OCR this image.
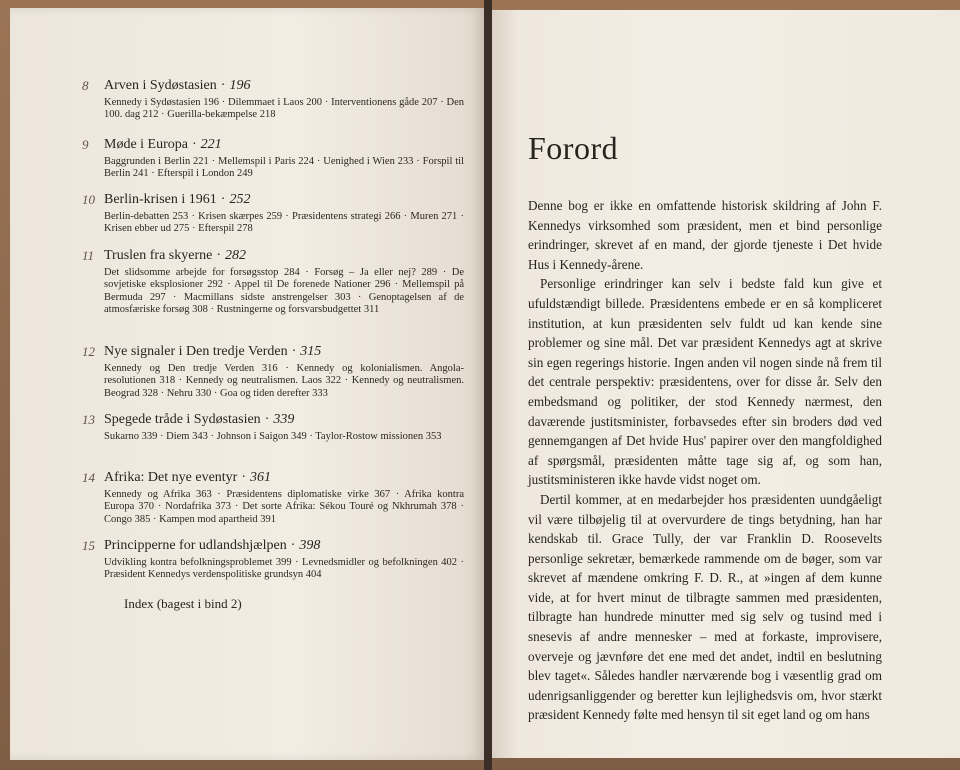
8 Arven i Sydøstasien · 196
Kennedy i Sydøstasien 196 · Dilemmaet i Laos 200 · Interventionens gåde 207 · Den 100. dag 212 · Guerilla-bekæmpelse 218
9 Møde i Europa · 221
Baggrunden i Berlin 221 · Mellemspil i Paris 224 · Uenighed i Wien 233 · Forspil til Berlin 241 · Efterspil i London 249
10 Berlin-krisen i 1961 · 252
Berlin-debatten 253 · Krisen skærpes 259 · Præsidentens strategi 266 · Muren 271 · Krisen ebber ud 275 · Efterspil 278
11 Truslen fra skyerne · 282
Det slidsomme arbejde for forsøgsstop 284 · Forsøg – Ja eller nej? 289 · De sovjetiske eksplosioner 292 · Appel til De forenede Nationer 296 · Mellemspil på Bermuda 297 · Macmillans sidste anstrengelser 303 · Genoptagelsen af de atmosfæriske forsøg 308 · Rustningerne og forsvarsbudgettet 311
12 Nye signaler i Den tredje Verden · 315
Kennedy og Den tredje Verden 316 · Kennedy og kolonialismen. Angola-resolutionen 318 · Kennedy og neutralismen. Laos 322 · Kennedy og neutralismen. Beograd 328 · Nehru 330 · Goa og tiden derefter 333
13 Spegede tråde i Sydøstasien · 339
Sukarno 339 · Diem 343 · Johnson i Saigon 349 · Taylor-Rostow missionen 353
14 Afrika: Det nye eventyr · 361
Kennedy og Afrika 363 · Præsidentens diplomatiske virke 367 · Afrika kontra Europa 370 · Nordafrika 373 · Det sorte Afrika: Sékou Touré og Nkhrumah 378 · Congo 385 · Kampen mod apartheid 391
15 Principperne for udlandshjælpen · 398
Udvikling kontra befolkningsproblemet 399 · Levnedsmidler og befolkningen 402 · Præsident Kennedys verdenspolitiske grundsyn 404
Index (bagest i bind 2)
Forord

Denne bog er ikke en omfattende historisk skildring af John F. Kennedys virksomhed som præsident, men et bind personlige erindringer, skrevet af en mand, der gjorde tjeneste i Det hvide Hus i Kennedy-årene.

Personlige erindringer kan selv i bedste fald kun give et ufuldstændigt billede. Præsidentens embede er en så kompliceret institution, at kun præsidenten selv fuldt ud kan kende sine problemer og sine mål. Det var præsident Kennedys agt at skrive sin egen regerings historie. Ingen anden vil nogen sinde nå frem til det centrale perspektiv: præsidentens, over for disse år. Selv den embedsmand og politiker, der stod Kennedy nærmest, den daværende justitsminister, forbavsedes efter sin broders død ved gennemgangen af Det hvide Hus' papirer over den mangfoldighed af spørgsmål, præsidenten måtte tage sig af, og som han, justitsministeren ikke havde vidst noget om.

Dertil kommer, at en medarbejder hos præsidenten uundgåeligt vil være tilbøjelig til at overvurdere de tings betydning, han har kendskab til. Grace Tully, der var Franklin D. Roosevelts personlige sekretær, bemærkede rammende om de bøger, som var skrevet af mændene omkring F. D. R., at »ingen af dem kunne vide, at for hvert minut de tilbragte sammen med præsidenten, tilbragte han hundrede minutter med sig selv og tusind med i snesevis af andre mennesker – med at forkaste, improvisere, overveje og jævnføre det ene med det andet, indtil en beslutning blev taget«. Således handler nærværende bog i væsentlig grad om udenrigsanliggender og beretter kun lejlighedsvis om, hvor stærkt præsident Kennedy følte med hensyn til sit eget land og om hans
